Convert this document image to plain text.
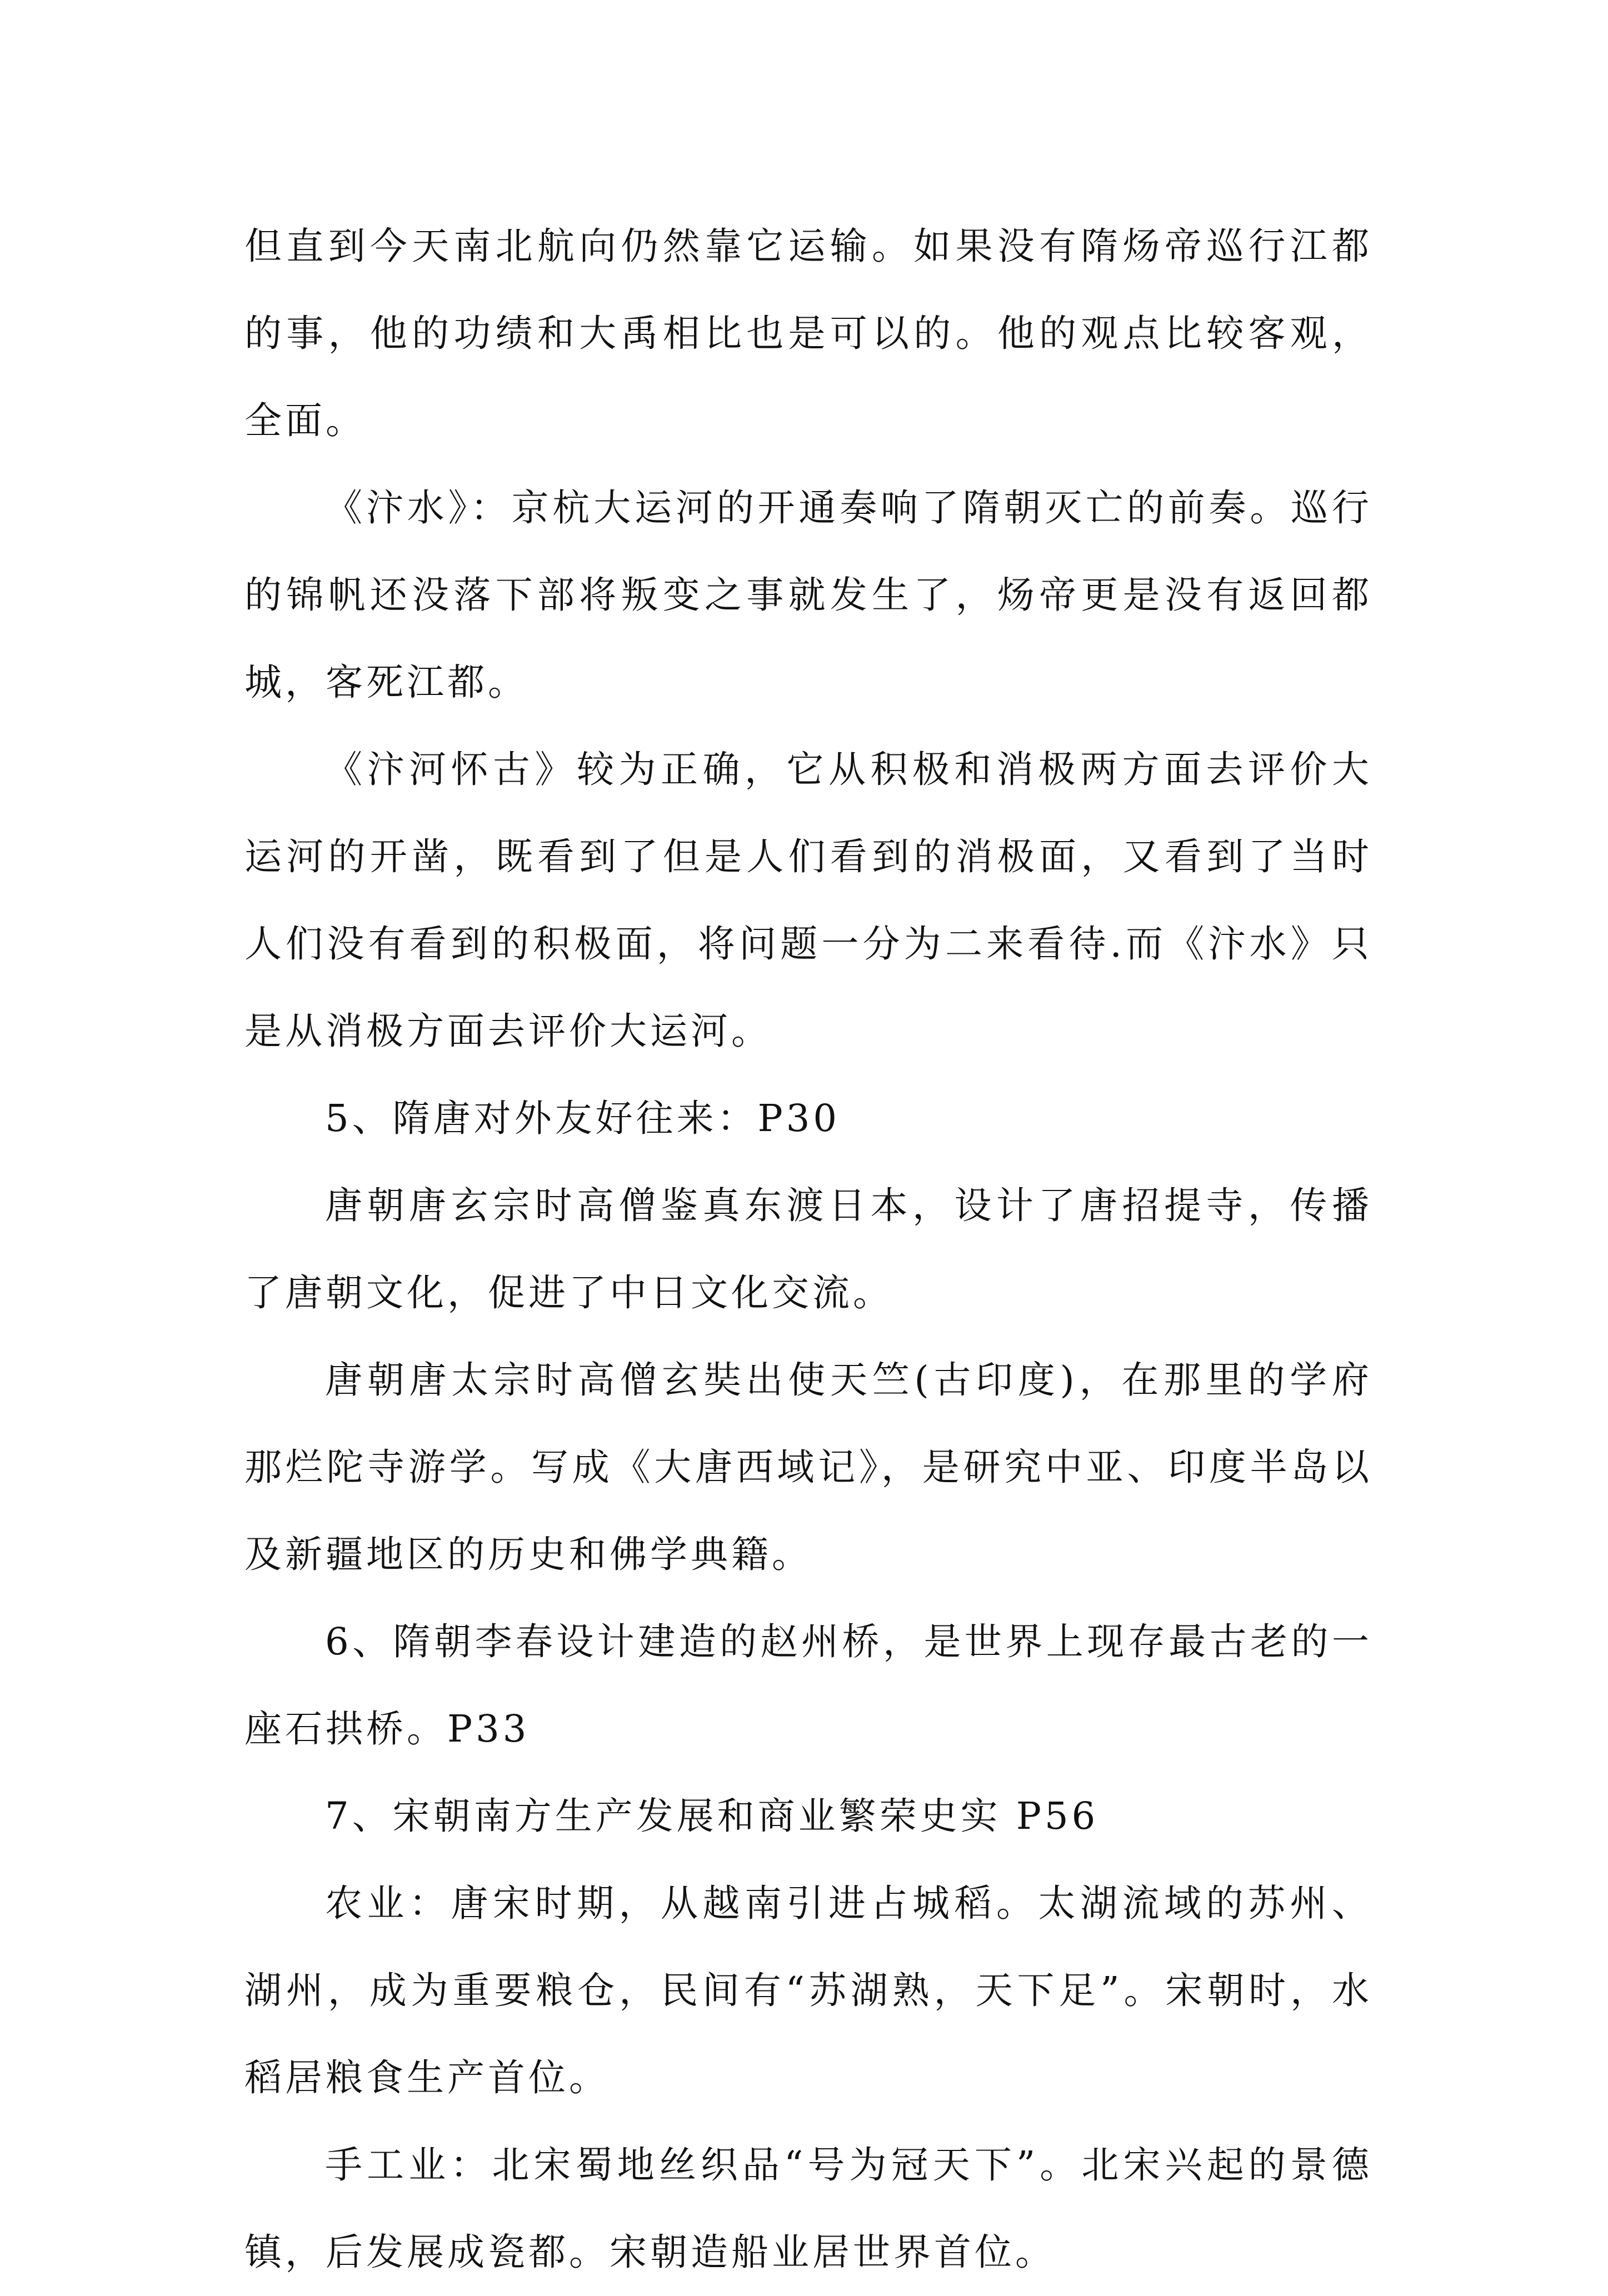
但直到今天南北航向仍然靠它运输。如果没有隋炀帝巡行江都的事，他的功绩和大禹相比也是可以的。他的观点比较客观，全面。

《汴水》：京杭大运河的开通奏响了隋朝灭亡的前奏。巡行的锦帆还没落下部将叛变之事就发生了，炀帝更是没有返回都城，客死江都。

《汴河怀古》较为正确，它从积极和消极两方面去评价大运河的开凿，既看到了但是人们看到的消极面，又看到了当时人们没有看到的积极面，将问题一分为二来看待.而《汴水》只是从消极方面去评价大运河。

5、隋唐对外友好往来：P30

唐朝唐玄宗时高僧鉴真东渡日本，设计了唐招提寺，传播了唐朝文化，促进了中日文化交流。

唐朝唐太宗时高僧玄奘出使天竺(古印度)，在那里的学府那烂陀寺游学。写成《大唐西域记》，是研究中亚、印度半岛以及新疆地区的历史和佛学典籍。

6、隋朝李春设计建造的赵州桥，是世界上现存最古老的一座石拱桥。P33

7、宋朝南方生产发展和商业繁荣史实 P56

农业：唐宋时期，从越南引进占城稻。太湖流域的苏州、湖州，成为重要粮仓，民间有“苏湖熟，天下足”。宋朝时，水稻居粮食生产首位。

手工业：北宋蜀地丝织品“号为冠天下”。北宋兴起的景德镇，后发展成瓷都。宋朝造船业居世界首位。
